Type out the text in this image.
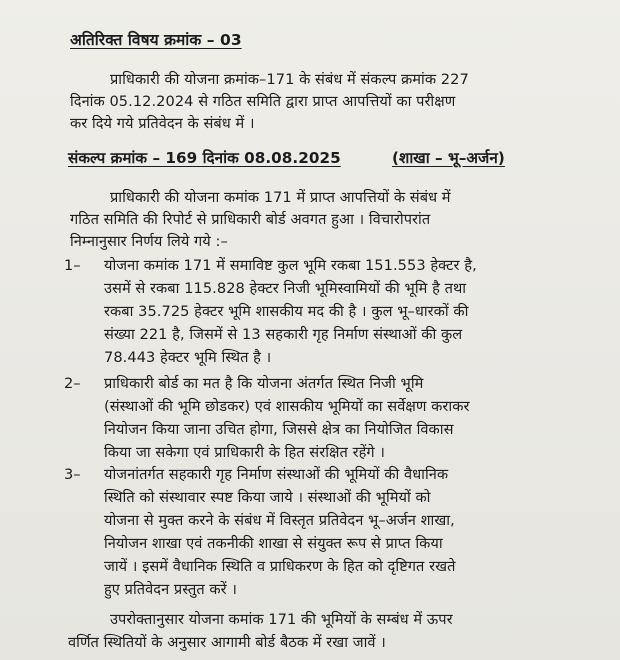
अतिरिक्त विषय क्रमांक – 03
प्राधिकारी की योजना क्रमांक–171 के संबंध में संकल्प क्रमांक 227
दिनांक 05.12.2024 से गठित समिति द्वारा प्राप्त आपत्तियों का परीक्षण
कर दिये गये प्रतिवेदन के संबंध में ।
संकल्प क्रमांक – 169 दिनांक 08.08.2025	(शाखा – भू–अर्जन)
प्राधिकारी की योजना कमांक 171 में प्राप्त आपत्तियों के संबंध में
गठित समिति की रिपोर्ट से प्राधिकारी बोर्ड अवगत हुआ । विचारोपरांत
निम्नानुसार निर्णय लिये गये :–
1– योजना कमांक 171 में समाविष्ट कुल भूमि रकबा 151.553 हेक्टर है,
उसमें से रकबा 115.828 हेक्टर निजी भूमिस्वामियों की भूमि है तथा
रकबा 35.725 हेक्टर भूमि शासकीय मद की है । कुल भू–धारकों की
संख्या 221 है, जिसमें से 13 सहकारी गृह निर्माण संस्थाओं की कुल
78.443 हेक्टर भूमि स्थित है ।
2– प्राधिकारी बोर्ड का मत है कि योजना अंतर्गत स्थित निजी भूमि
(संस्थाओं की भूमि छोडकर) एवं शासकीय भूमियों का सर्वेक्षण कराकर
नियोजन किया जाना उचित होगा, जिससे क्षेत्र का नियोजित विकास
किया जा सकेगा एवं प्राधिकारी के हित संरक्षित रहेंगे ।
3– योजनांतर्गत सहकारी गृह निर्माण संस्थाओं की भूमियों की वैधानिक
स्थिति को संस्थावार स्पष्ट किया जाये । संस्थाओं की भूमियों को
योजना से मुक्त करने के संबंध में विस्तृत प्रतिवेदन भू–अर्जन शाखा,
नियोजन शाखा एवं तकनीकी शाखा से संयुक्त रूप से प्राप्त किया
जायें । इसमें वैधानिक स्थिति व प्राधिकरण के हित को दृष्टिगत रखते
हुए प्रतिवेदन प्रस्तुत करें ।
उपरोक्तानुसार योजना कमांक 171 की भूमियों के सम्बंध में ऊपर
वर्णित स्थितियों के अनुसार आगामी बोर्ड बैठक में रखा जावें ।
